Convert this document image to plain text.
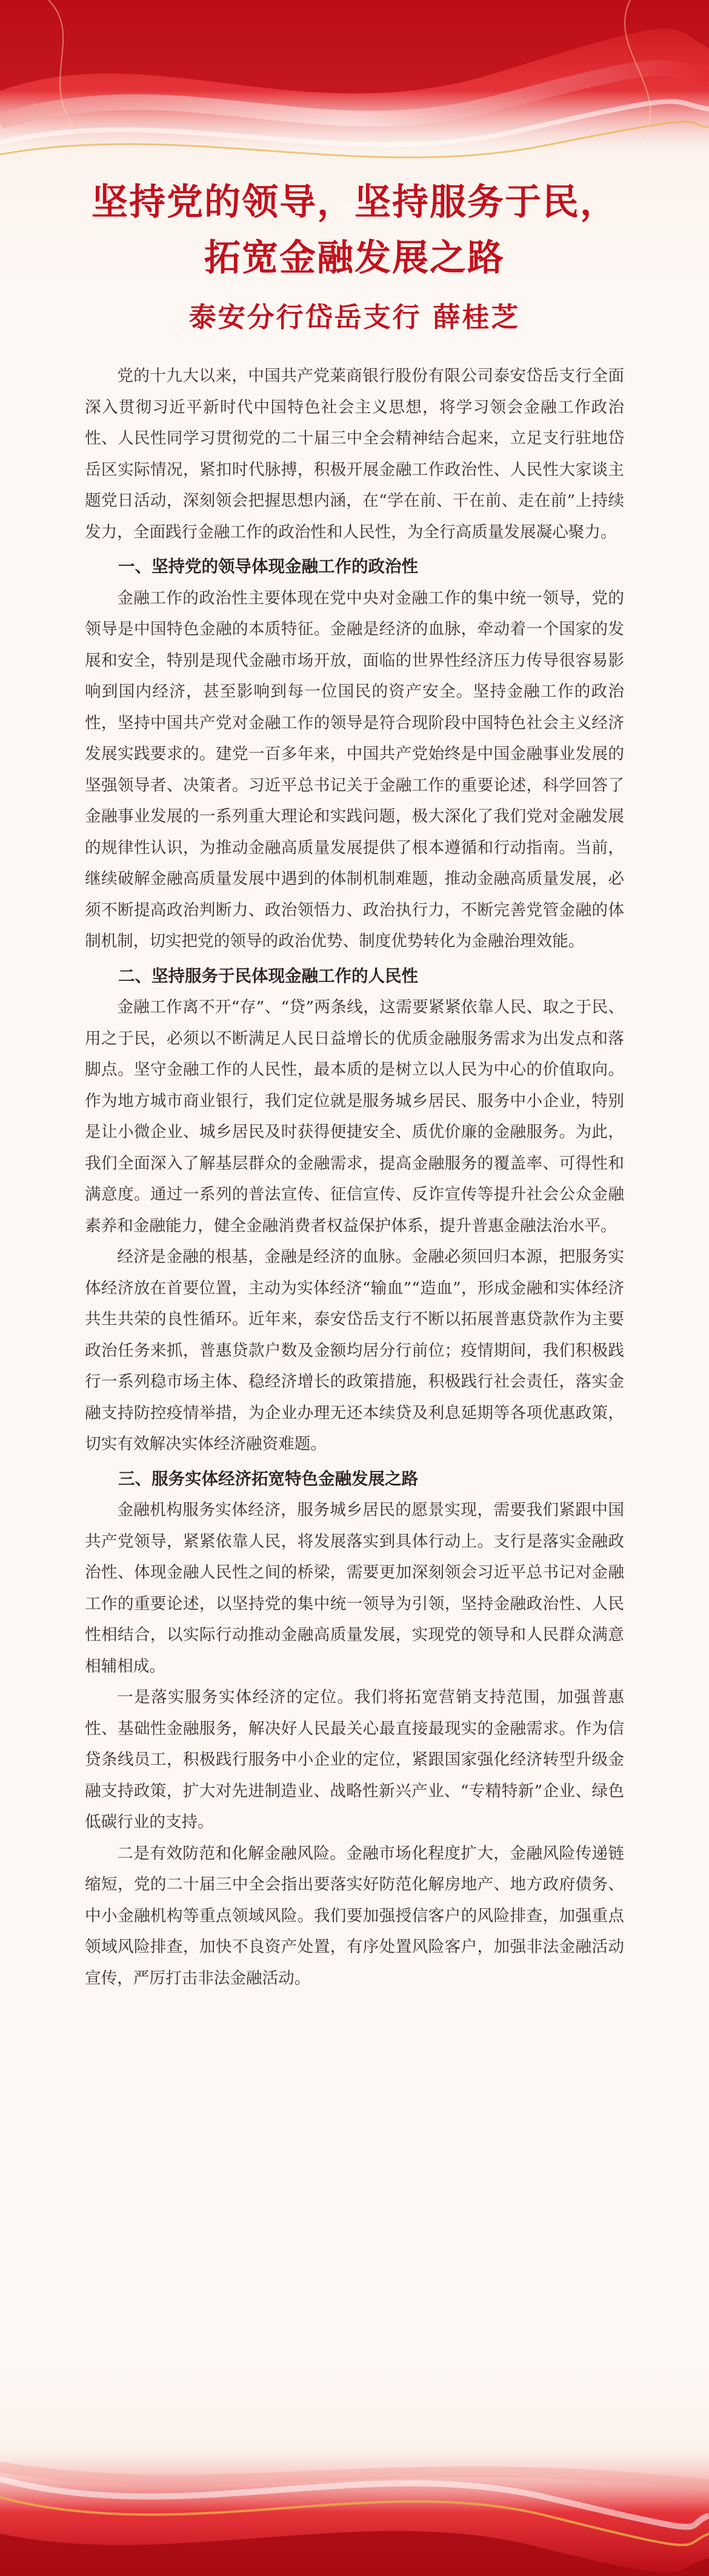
坚持党的领导，坚持服务于民，
拓宽金融发展之路
泰安分行岱岳支行 薛桂芝

党的十九大以来，中国共产党莱商银行股份有限公司泰安岱岳支行全面深入贯彻习近平新时代中国特色社会主义思想，将学习领会金融工作政治性、人民性同学习贯彻党的二十届三中全会精神结合起来，立足支行驻地岱岳区实际情况，紧扣时代脉搏，积极开展金融工作政治性、人民性大家谈主题党日活动，深刻领会把握思想内涵，在“学在前、干在前、走在前”上持续发力，全面践行金融工作的政治性和人民性，为全行高质量发展凝心聚力。

一、坚持党的领导体现金融工作的政治性

金融工作的政治性主要体现在党中央对金融工作的集中统一领导，党的领导是中国特色金融的本质特征。金融是经济的血脉，牵动着一个国家的发展和安全，特别是现代金融市场开放，面临的世界性经济压力传导很容易影响到国内经济，甚至影响到每一位国民的资产安全。坚持金融工作的政治性，坚持中国共产党对金融工作的领导是符合现阶段中国特色社会主义经济发展实践要求的。建党一百多年来，中国共产党始终是中国金融事业发展的坚强领导者、决策者。习近平总书记关于金融工作的重要论述，科学回答了金融事业发展的一系列重大理论和实践问题，极大深化了我们党对金融发展的规律性认识，为推动金融高质量发展提供了根本遵循和行动指南。当前，继续破解金融高质量发展中遇到的体制机制难题，推动金融高质量发展，必须不断提高政治判断力、政治领悟力、政治执行力，不断完善党管金融的体制机制，切实把党的领导的政治优势、制度优势转化为金融治理效能。

二、坚持服务于民体现金融工作的人民性

金融工作离不开“存”、“贷”两条线，这需要紧紧依靠人民、取之于民、用之于民，必须以不断满足人民日益增长的优质金融服务需求为出发点和落脚点。坚守金融工作的人民性，最本质的是树立以人民为中心的价值取向。作为地方城市商业银行，我们定位就是服务城乡居民、服务中小企业，特别是让小微企业、城乡居民及时获得便捷安全、质优价廉的金融服务。为此，我们全面深入了解基层群众的金融需求，提高金融服务的覆盖率、可得性和满意度。通过一系列的普法宣传、征信宣传、反诈宣传等提升社会公众金融素养和金融能力，健全金融消费者权益保护体系，提升普惠金融法治水平。

经济是金融的根基，金融是经济的血脉。金融必须回归本源，把服务实体经济放在首要位置，主动为实体经济“输血”“造血”，形成金融和实体经济共生共荣的良性循环。近年来，泰安岱岳支行不断以拓展普惠贷款作为主要政治任务来抓，普惠贷款户数及金额均居分行前位；疫情期间，我们积极践行一系列稳市场主体、稳经济增长的政策措施，积极践行社会责任，落实金融支持防控疫情举措，为企业办理无还本续贷及利息延期等各项优惠政策，切实有效解决实体经济融资难题。

三、服务实体经济拓宽特色金融发展之路

金融机构服务实体经济，服务城乡居民的愿景实现，需要我们紧跟中国共产党领导，紧紧依靠人民，将发展落实到具体行动上。支行是落实金融政治性、体现金融人民性之间的桥梁，需要更加深刻领会习近平总书记对金融工作的重要论述，以坚持党的集中统一领导为引领，坚持金融政治性、人民性相结合，以实际行动推动金融高质量发展，实现党的领导和人民群众满意相辅相成。

一是落实服务实体经济的定位。我们将拓宽营销支持范围，加强普惠性、基础性金融服务，解决好人民最关心最直接最现实的金融需求。作为信贷条线员工，积极践行服务中小企业的定位，紧跟国家强化经济转型升级金融支持政策，扩大对先进制造业、战略性新兴产业、“专精特新”企业、绿色低碳行业的支持。

二是有效防范和化解金融风险。金融市场化程度扩大，金融风险传递链缩短，党的二十届三中全会指出要落实好防范化解房地产、地方政府债务、中小金融机构等重点领域风险。我们要加强授信客户的风险排查，加强重点领域风险排查，加快不良资产处置，有序处置风险客户，加强非法金融活动宣传，严厉打击非法金融活动。
